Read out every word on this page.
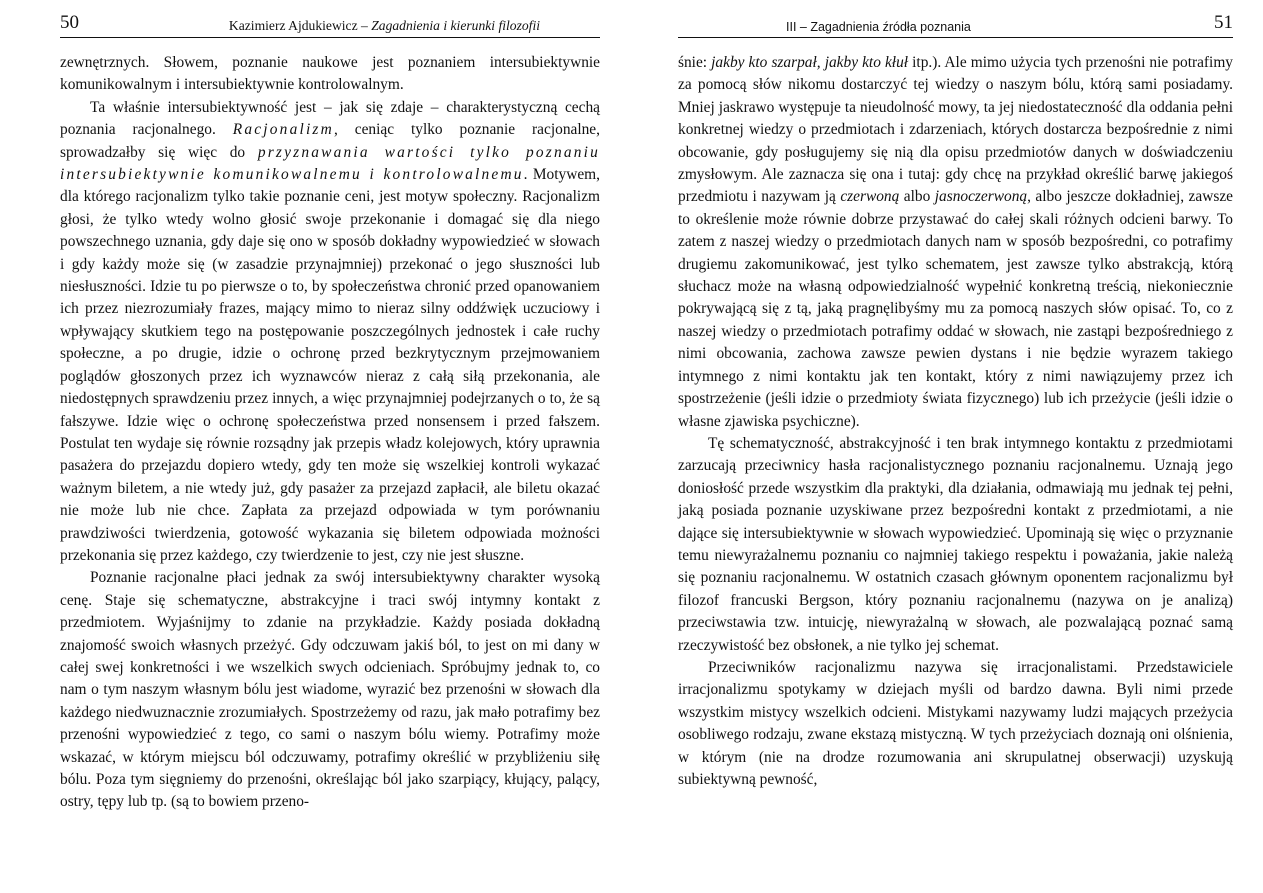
50	Kazimierz Ajdukiewicz – Zagadnienia i kierunki filozofii

zewnętrznych. Słowem, poznanie naukowe jest poznaniem intersubiektywnie komunikowalnym i intersubiektywnie kontrolowalnym.

Ta właśnie intersubiektywność jest – jak się zdaje – charakterystyczną cechą poznania racjonalnego. Racjonalizm, ceniąc tylko poznanie racjonalne, sprowadzałby się więc do przyznawania wartości tylko poznaniu intersubiektywnie komunikowalnemu i kontrolowalnemu. Motywem, dla którego racjonalizm tylko takie poznanie ceni, jest motyw społeczny. Racjonalizm głosi, że tylko wtedy wolno głosić swoje przekonanie i domagać się dla niego powszechnego uznania, gdy daje się ono w sposób dokładny wypowiedzieć w słowach i gdy każdy może się (w zasadzie przynajmniej) przekonać o jego słuszności lub niesłuszności. Idzie tu po pierwsze o to, by społeczeństwa chronić przed opanowaniem ich przez niezrozumiały frazes, mający mimo to nieraz silny oddźwięk uczuciowy i wpływający skutkiem tego na postępowanie poszczególnych jednostek i całe ruchy społeczne, a po drugie, idzie o ochronę przed bezkrytycznym przejmowaniem poglądów głoszonych przez ich wyznawców nieraz z całą siłą przekonania, ale niedostępnych sprawdzeniu przez innych, a więc przynajmniej podejrzanych o to, że są fałszywe. Idzie więc o ochronę społeczeństwa przed nonsensem i przed fałszem. Postulat ten wydaje się równie rozsądny jak przepis władz kolejowych, który uprawnia pasażera do przejazdu dopiero wtedy, gdy ten może się wszelkiej kontroli wykazać ważnym biletem, a nie wtedy już, gdy pasażer za przejazd zapłacił, ale biletu okazać nie może lub nie chce. Zapłata za przejazd odpowiada w tym porównaniu prawdziwości twierdzenia, gotowość wykazania się biletem odpowiada możności przekonania się przez każdego, czy twierdzenie to jest, czy nie jest słuszne.

Poznanie racjonalne płaci jednak za swój intersubiektywny charakter wysoką cenę. Staje się schematyczne, abstrakcyjne i traci swój intymny kontakt z przedmiotem. Wyjaśnijmy to zdanie na przykładzie. Każdy posiada dokładną znajomość swoich własnych przeżyć. Gdy odczuwam jakiś ból, to jest on mi dany w całej swej konkretności i we wszelkich swych odcieniach. Spróbujmy jednak to, co nam o tym naszym własnym bólu jest wiadome, wyrazić bez przenośni w słowach dla każdego niedwuznacznie zrozumiałych. Spostrzeżemy od razu, jak mało potrafimy bez przenośni wypowiedzieć z tego, co sami o naszym bólu wiemy. Potrafimy może wskazać, w którym miejscu ból odczuwamy, potrafimy określić w przybliżeniu siłę bólu. Poza tym sięgniemy do przenośni, określając ból jako szarpiący, kłujący, palący, ostry, tępy lub tp. (są to bowiem przeno-

III – Zagadnienia źródła poznania	51

śnie: jakby kto szarpał, jakby kto kłuł itp.). Ale mimo użycia tych przenośni nie potrafimy za pomocą słów nikomu dostarczyć tej wiedzy o naszym bólu, którą sami posiadamy. Mniej jaskrawo występuje ta nieudolność mowy, ta jej niedostateczność dla oddania pełni konkretnej wiedzy o przedmiotach i zdarzeniach, których dostarcza bezpośrednie z nimi obcowanie, gdy posługujemy się nią dla opisu przedmiotów danych w doświadczeniu zmysłowym. Ale zaznacza się ona i tutaj: gdy chcę na przykład określić barwę jakiegoś przedmiotu i nazywam ją czerwoną albo jasnoczerwoną, albo jeszcze dokładniej, zawsze to określenie może równie dobrze przystawać do całej skali różnych odcieni barwy. To zatem z naszej wiedzy o przedmiotach danych nam w sposób bezpośredni, co potrafimy drugiemu zakomunikować, jest tylko schematem, jest zawsze tylko abstrakcją, którą słuchacz może na własną odpowiedzialność wypełnić konkretną treścią, niekoniecznie pokrywającą się z tą, jaką pragnęlibyśmy mu za pomocą naszych słów opisać. To, co z naszej wiedzy o przedmiotach potrafimy oddać w słowach, nie zastąpi bezpośredniego z nimi obcowania, zachowa zawsze pewien dystans i nie będzie wyrazem takiego intymnego z nimi kontaktu jak ten kontakt, który z nimi nawiązujemy przez ich spostrzeżenie (jeśli idzie o przedmioty świata fizycznego) lub ich przeżycie (jeśli idzie o własne zjawiska psychiczne).

Tę schematyczność, abstrakcyjność i ten brak intymnego kontaktu z przedmiotami zarzucają przeciwnicy hasła racjonalistycznego poznaniu racjonalnemu. Uznają jego doniosłość przede wszystkim dla praktyki, dla działania, odmawiają mu jednak tej pełni, jaką posiada poznanie uzyskiwane przez bezpośredni kontakt z przedmiotami, a nie dające się intersubiektywnie w słowach wypowiedzieć. Upominają się więc o przyznanie temu niewyrażalnemu poznaniu co najmniej takiego respektu i poważania, jakie należą się poznaniu racjonalnemu. W ostatnich czasach głównym oponentem racjonalizmu był filozof francuski Bergson, który poznaniu racjonalnemu (nazywa on je analizą) przeciwstawia tzw. intuicję, niewyrażalną w słowach, ale pozwalającą poznać samą rzeczywistość bez obsłonek, a nie tylko jej schemat.

Przeciwników racjonalizmu nazywa się irracjonalistami. Przedstawiciele irracjonalizmu spotykamy w dziejach myśli od bardzo dawna. Byli nimi przede wszystkim mistycy wszelkich odcieni. Mistykami nazywamy ludzi mających przeżycia osobliwego rodzaju, zwane ekstazą mistyczną. W tych przeżyciach doznają oni olśnienia, w którym (nie na drodze rozumowania ani skrupulatnej obserwacji) uzyskują subiektywną pewność,
